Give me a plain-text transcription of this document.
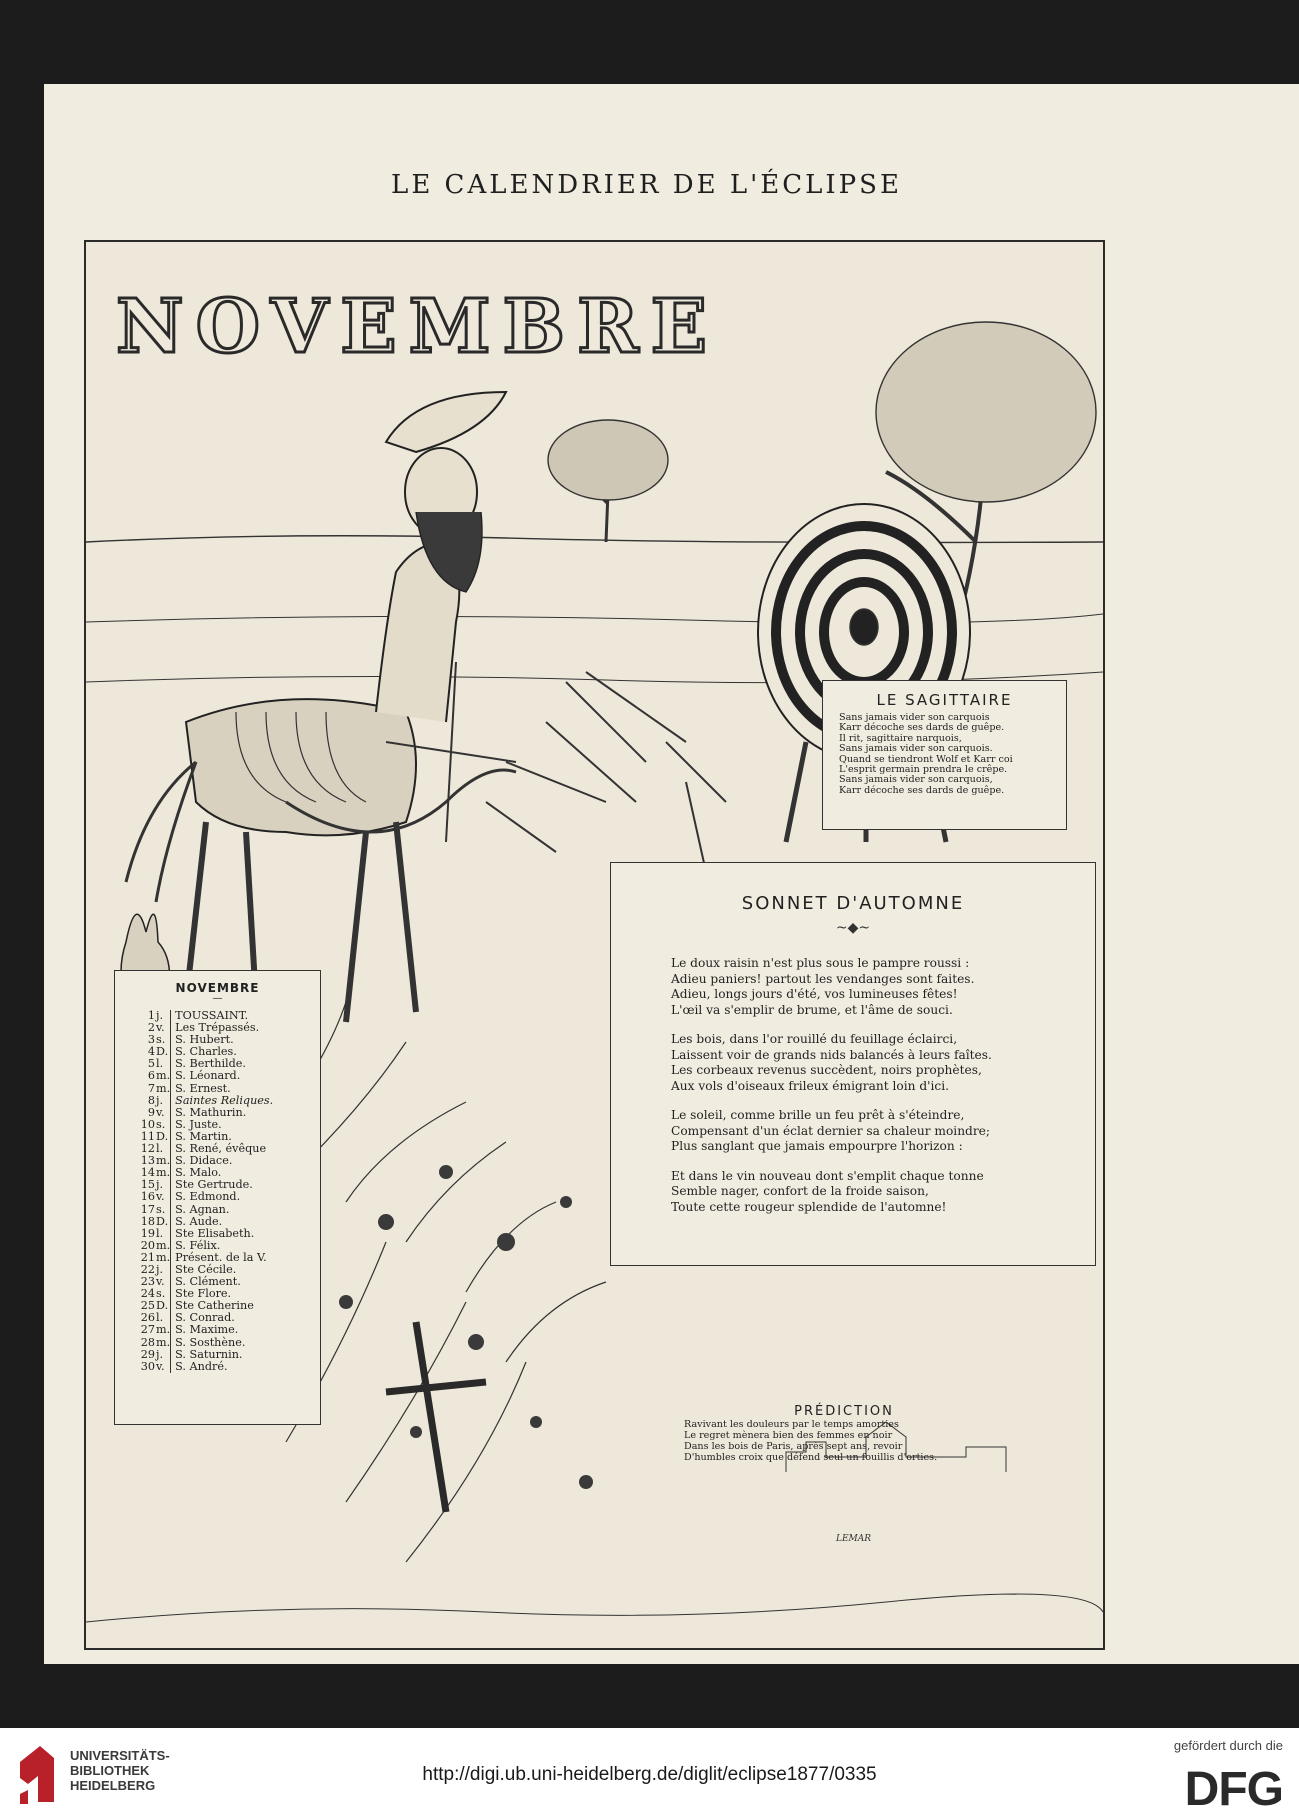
LE CALENDRIER DE L'ÉCLIPSE
NOVEMBRE
LEMAR
LE SAGITTAIRE
Sans jamais vider son carquois
Karr décoche ses dards de guêpe.
Il rit, sagittaire narquois,
Sans jamais vider son carquois.
Quand se tiendront Wolf et Karr coi
L'esprit germain prendra le crêpe.
Sans jamais vider son carquois,
Karr décoche ses dards de guêpe.
SONNET D'AUTOMNE
~◆~
Le doux raisin n'est plus sous le pampre roussi :
Adieu paniers! partout les vendanges sont faites.
Adieu, longs jours d'été, vos lumineuses fêtes!
L'œil va s'emplir de brume, et l'âme de souci.
Les bois, dans l'or rouillé du feuillage éclairci,
Laissent voir de grands nids balancés à leurs faîtes.
Les corbeaux revenus succèdent, noirs prophètes,
Aux vols d'oiseaux frileux émigrant loin d'ici.
Le soleil, comme brille un feu prêt à s'éteindre,
Compensant d'un éclat dernier sa chaleur moindre;
Plus sanglant que jamais empourpre l'horizon :
Et dans le vin nouveau dont s'emplit chaque tonne
Semble nager, confort de la froide saison,
Toute cette rougeur splendide de l'automne!
NOVEMBRE
—
1	j.	TOUSSAINT.
2	v.	Les Trépassés.
3	s.	S. Hubert.
4	D.	S. Charles.
5	l.	S. Berthilde.
6	m.	S. Léonard.
7	m.	S. Ernest.
8	j.	Saintes Reliques.
9	v.	S. Mathurin.
10	s.	S. Juste.
11	D.	S. Martin.
12	l.	S. René, évêque
13	m.	S. Didace.
14	m.	S. Malo.
15	j.	Ste Gertrude.
16	v.	S. Edmond.
17	s.	S. Agnan.
18	D.	S. Aude.
19	l.	Ste Elisabeth.
20	m.	S. Félix.
21	m.	Présent. de la V.
22	j.	Ste Cécile.
23	v.	S. Clément.
24	s.	Ste Flore.
25	D.	Ste Catherine
26	l.	S. Conrad.
27	m.	S. Maxime.
28	m.	S. Sosthène.
29	j.	S. Saturnin.
30	v.	S. André.
PRÉDICTION
Ravivant les douleurs par le temps amorties
Le regret mènera bien des femmes en noir
Dans les bois de Paris, après sept ans, revoir
D'humbles croix que défend seul un fouillis d'orties.
UNIVERSITÄTS-
BIBLIOTHEK
HEIDELBERG
http://digi.ub.uni-heidelberg.de/diglit/eclipse1877/0335
gefördert durch die
DFG
